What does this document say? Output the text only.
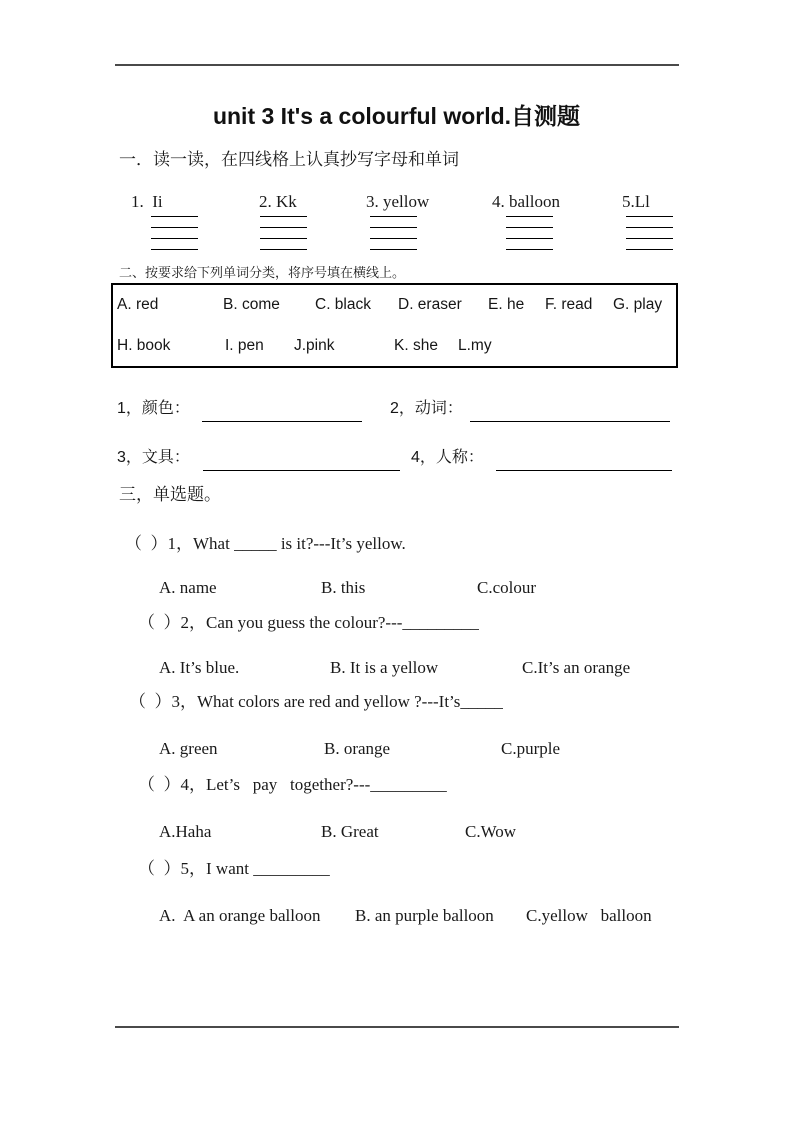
unit 3 It's a colourful world.自测题
一．读一读，在四线格上认真抄写字母和单词
1.  Ii	2. Kk	3. yellow	4. balloon	5.Ll
二、按要求给下列单词分类，将序号填在横线上。
A. red	B. come C. black D. eraser E. he F. read G. play
H. book	I. pen J.pink	K. she L.my
1，颜色：	2，动词：
3，文具：	4，人称：
三，单选题。
（  ）1，What _____ is it?---It’s yellow.
A. name	B. this	C.colour
（  ）2，Can you guess the colour?---_________
A. It’s blue.	B. It is a yellow	C.It’s an orange
（  ）3，What colors are red and yellow ?---It’s_____
A. green	B. orange	C.purple
（  ）4，Let’s   pay   together?---_________
A.Haha	B. Great	C.Wow
（  ）5，I want _________
A.  A an orange balloon B. an purple balloon C.yellow   balloon
